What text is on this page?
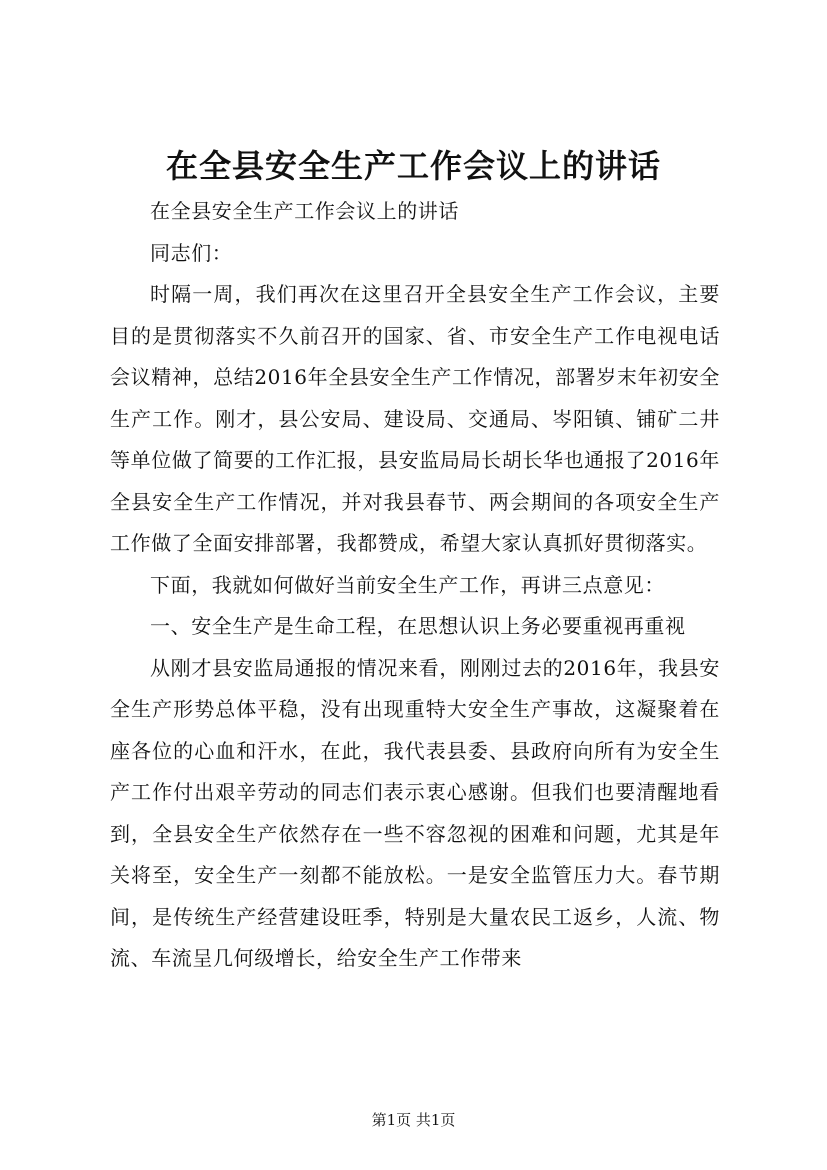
在全县安全生产工作会议上的讲话

在全县安全生产工作会议上的讲话

同志们：

时隔一周，我们再次在这里召开全县安全生产工作会议，主要目的是贯彻落实不久前召开的国家、省、市安全生产工作电视电话会议精神，总结2016年全县安全生产工作情况，部署岁末年初安全生产工作。刚才，县公安局、建设局、交通局、岑阳镇、铺矿二井等单位做了简要的工作汇报，县安监局局长胡长华也通报了2016年全县安全生产工作情况，并对我县春节、两会期间的各项安全生产工作做了全面安排部署，我都赞成，希望大家认真抓好贯彻落实。

下面，我就如何做好当前安全生产工作，再讲三点意见：

一、安全生产是生命工程，在思想认识上务必要重视再重视

从刚才县安监局通报的情况来看，刚刚过去的2016年，我县安全生产形势总体平稳，没有出现重特大安全生产事故，这凝聚着在座各位的心血和汗水，在此，我代表县委、县政府向所有为安全生产工作付出艰辛劳动的同志们表示衷心感谢。但我们也要清醒地看到，全县安全生产依然存在一些不容忽视的困难和问题，尤其是年关将至，安全生产一刻都不能放松。一是安全监管压力大。春节期间，是传统生产经营建设旺季，特别是大量农民工返乡，人流、物流、车流呈几何级增长，给安全生产工作带来

第1页 共1页
